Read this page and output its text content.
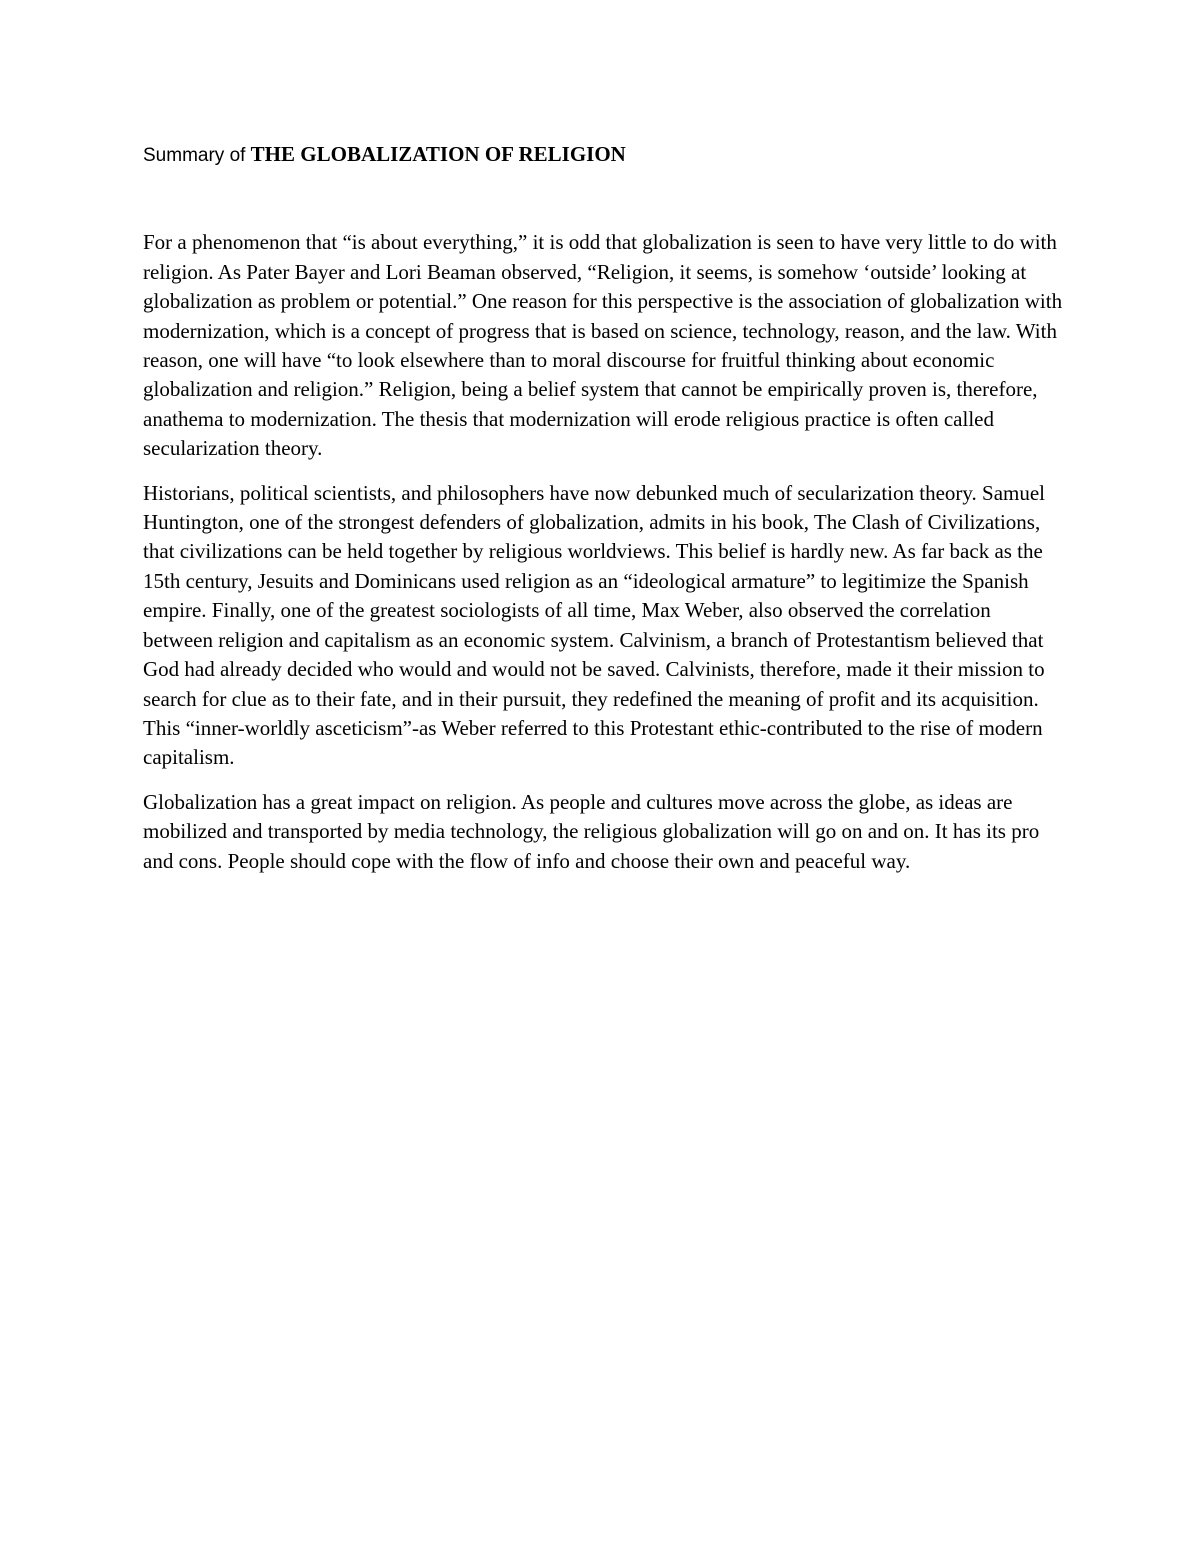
Summary of THE GLOBALIZATION OF RELIGION

For a phenomenon that “is about everything,” it is odd that globalization is seen to have very little to do with religion. As Pater Bayer and Lori Beaman observed, “Religion, it seems, is somehow ‘outside’ looking at globalization as problem or potential.” One reason for this perspective is the association of globalization with modernization, which is a concept of progress that is based on science, technology, reason, and the law. With reason, one will have “to look elsewhere than to moral discourse for fruitful thinking about economic globalization and religion.” Religion, being a belief system that cannot be empirically proven is, therefore, anathema to modernization. The thesis that modernization will erode religious practice is often called secularization theory.

Historians, political scientists, and philosophers have now debunked much of secularization theory. Samuel Huntington, one of the strongest defenders of globalization, admits in his book, The Clash of Civilizations, that civilizations can be held together by religious worldviews. This belief is hardly new. As far back as the 15th century, Jesuits and Dominicans used religion as an “ideological armature” to legitimize the Spanish empire. Finally, one of the greatest sociologists of all time, Max Weber, also observed the correlation between religion and capitalism as an economic system. Calvinism, a branch of Protestantism believed that God had already decided who would and would not be saved. Calvinists, therefore, made it their mission to search for clue as to their fate, and in their pursuit, they redefined the meaning of profit and its acquisition. This “inner-worldly asceticism”-as Weber referred to this Protestant ethic-contributed to the rise of modern capitalism.

Globalization has a great impact on religion. As people and cultures move across the globe, as ideas are mobilized and transported by media technology, the religious globalization will go on and on. It has its pro and cons. People should cope with the flow of info and choose their own and peaceful way.
